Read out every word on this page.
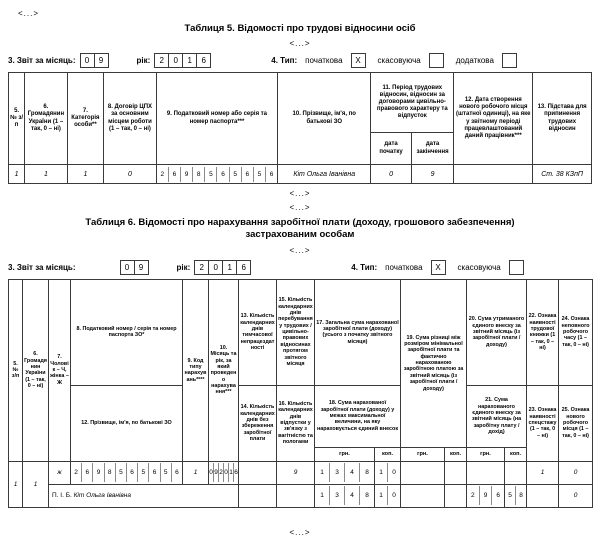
<...>
Таблиця 5. Відомості про трудові відносини осіб
<...>
3. Звіт за місяць:	0	9	рік:	2	0	1	6	4. Тип: початкова	X	скасовуюча	додаткова
5. № з/п	6. Громадянин України (1 – так, 0 – ні)	7. Категорія особи**	8. Договір ЦПХ за основним місцем роботи (1 – так, 0 – ні)	9. Податковий номер або серія та номер паспорта***	10. Прізвище, ім'я, по батькові ЗО	11. Період трудових відносин, відносин за договорами цивільно-правового характеру та відпусток		12. Дата створення нового робочого місця (штатної одиниці), на яке у звітному періоді працевлаштований даний працівник***	13. Підстава для припинення трудових відносин
						дата початку	дата закінчення		
1	1	1	0	2	6	9	8	5	6	5	6	5	6	Кіт Ольга Іванівна	0	9		Ст. 38 КЗпП
<...>
<...>
Таблиця 6. Відомості про нарахування заробітної плати (доходу, грошового забезпечення) застрахованим особам
<...>
3. Звіт за місяць:	0	9	рік:	2	0	1	6	4. Тип: початкова	X	скасовуюча
5. № з/п	6. Громадянин України (1 – так, 0 – ні)	7. Чоловік – Ч, жінка – Ж	8. Податковий номер / серія та номер паспорта ЗО*	9. Код типу нарахувань****	10. Місяць та рік, за який проведено нарахування***	13. Кількість календарних днів тимчасової непрацездатності	15. Кількість календарних днів перебування у трудових / цивільно-правових відносинах протягом звітного місяця	17. Загальна сума нарахованої заробітної плати (доходу) (усього з початку звітного місяця)		19. Сума різниці між розміром мінімальної заробітної плати та фактично нарахованою заробітною платою за звітний місяць (із заробітної плати / доходу)		20. Сума утриманого єдиного внеску за звітний місяць (із заробітної плати / доходу)		22. Ознака наявності трудової книжки (1 – так, 0 – ні)	24. Ознака неповного робочого часу (1 – так, 0 – ні)
			12. Прізвище, ім'я, по батькові ЗО			14. Кількість календарних днів без збереження заробітної плати	16. Кількість календарних днів відпустки у зв'язку з вагітністю та пологами	18. Сума нарахованої заробітної плати (доходу) у межах максимальної величини, на яку нараховується єдиний внесок				21. Сума нарахованого єдиного внеску за звітний місяць (на заробітну плату / дохід)		23. Ознака наявності спецстажу (1 – так, 0 – ні)	25. Ознака нового робочого місця (1 – так, 0 – ні)
								грн.	коп.	грн.	коп.	грн.	коп.		
1	1	ж	2	6	9	8	5	6	5	6	5	6	1	0 9 2 0 1 6		9	1	3	4	8	1	0					1	0
		П. І. Б. Кіт Ольга Іванівна						1 3 4 8	1 0			2 9 6	5 8		0
<...>
